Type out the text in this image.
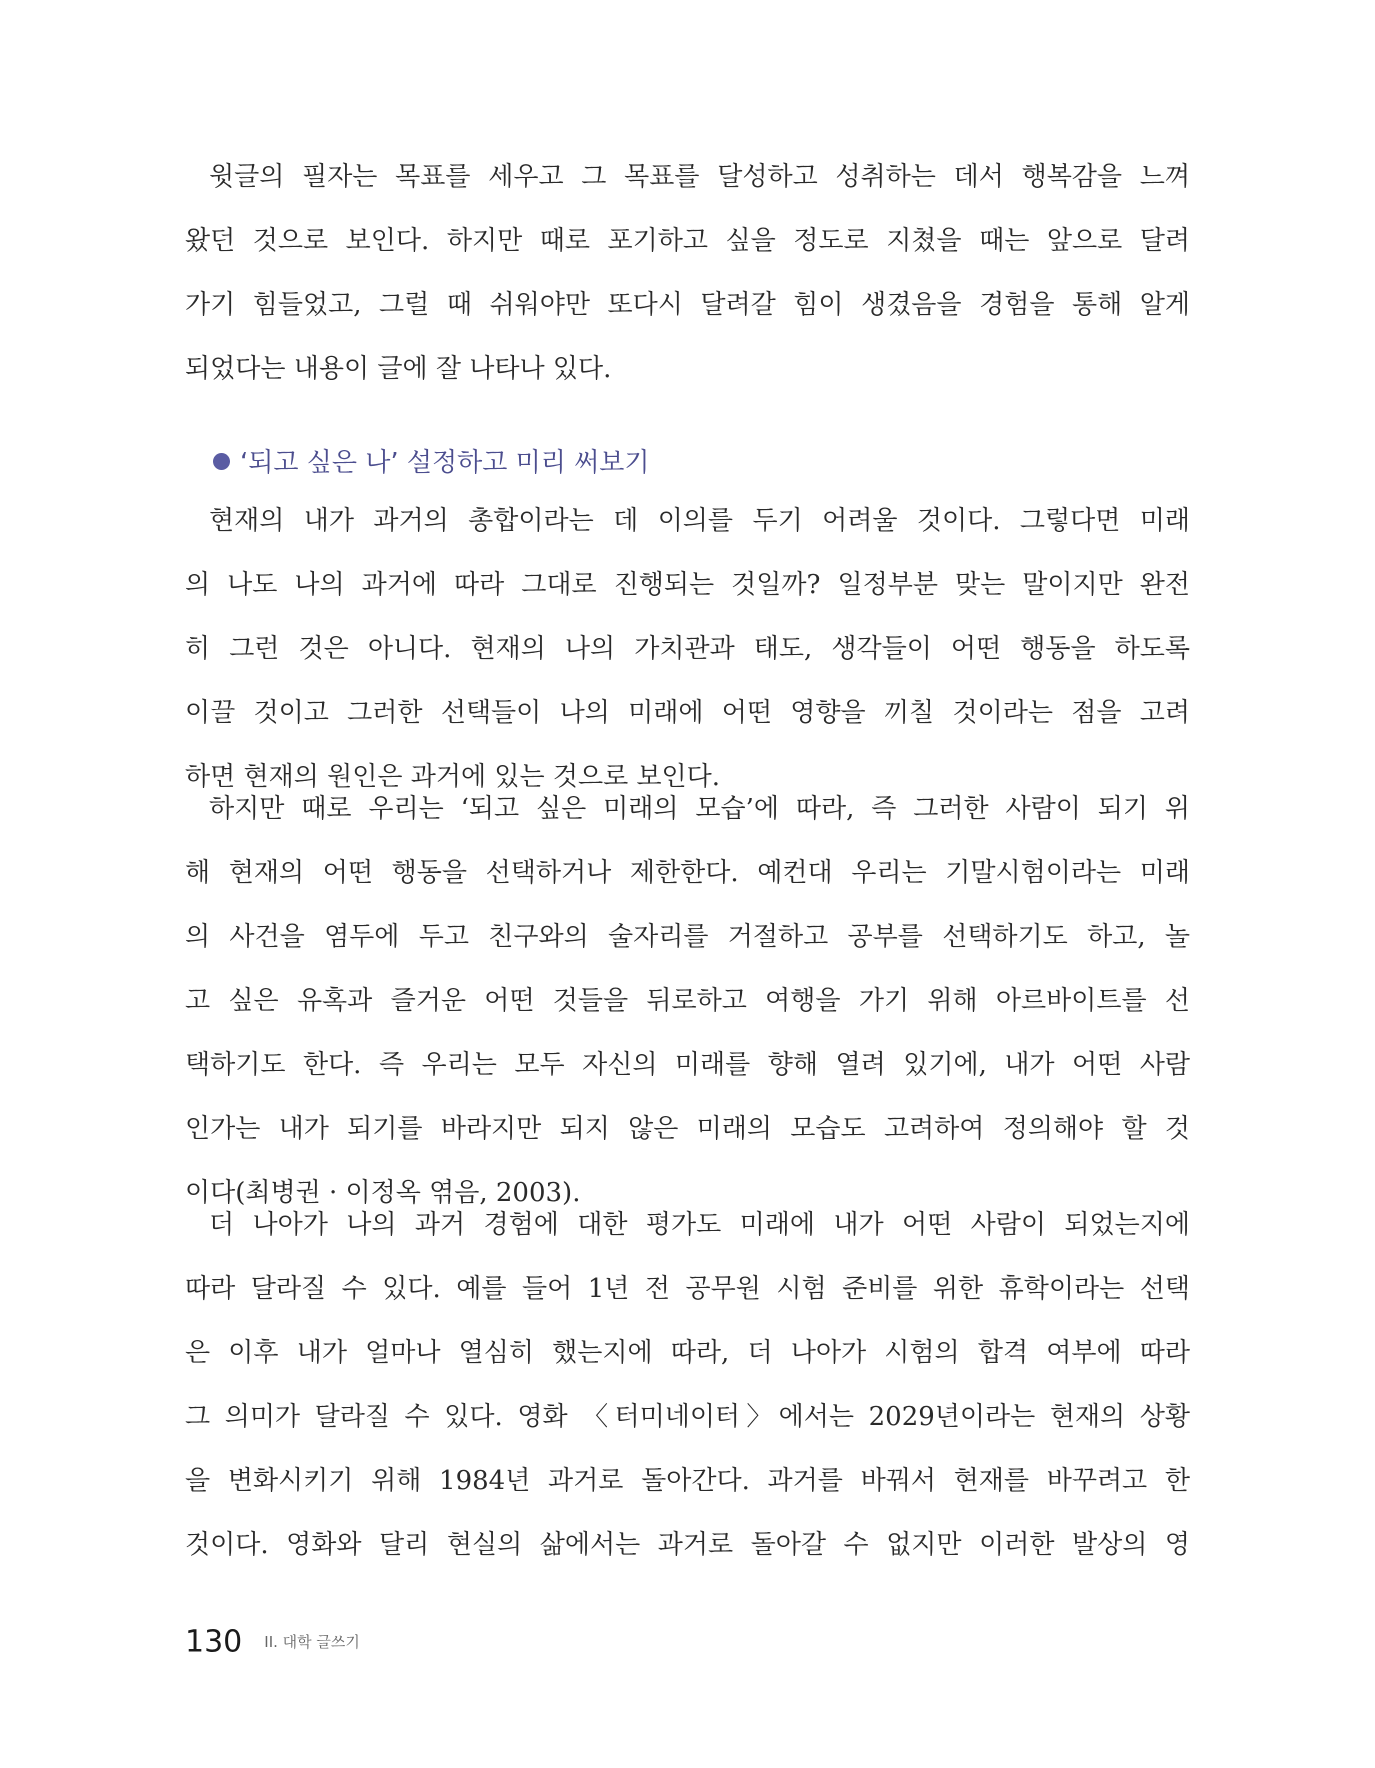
윗글의 필자는 목표를 세우고 그 목표를 달성하고 성취하는 데서 행복감을 느껴
왔던 것으로 보인다. 하지만 때로 포기하고 싶을 정도로 지쳤을 때는 앞으로 달려
가기 힘들었고, 그럴 때 쉬워야만 또다시 달려갈 힘이 생겼음을 경험을 통해 알게
되었다는 내용이 글에 잘 나타나 있다.
‘되고 싶은 나’ 설정하고 미리 써보기
현재의 내가 과거의 총합이라는 데 이의를 두기 어려울 것이다. 그렇다면 미래
의 나도 나의 과거에 따라 그대로 진행되는 것일까? 일정부분 맞는 말이지만 완전
히 그런 것은 아니다. 현재의 나의 가치관과 태도, 생각들이 어떤 행동을 하도록
이끌 것이고 그러한 선택들이 나의 미래에 어떤 영향을 끼칠 것이라는 점을 고려
하면 현재의 원인은 과거에 있는 것으로 보인다.
하지만 때로 우리는 ‘되고 싶은 미래의 모습’에 따라, 즉 그러한 사람이 되기 위
해 현재의 어떤 행동을 선택하거나 제한한다. 예컨대 우리는 기말시험이라는 미래
의 사건을 염두에 두고 친구와의 술자리를 거절하고 공부를 선택하기도 하고, 놀
고 싶은 유혹과 즐거운 어떤 것들을 뒤로하고 여행을 가기 위해 아르바이트를 선
택하기도 한다. 즉 우리는 모두 자신의 미래를 향해 열려 있기에, 내가 어떤 사람
인가는 내가 되기를 바라지만 되지 않은 미래의 모습도 고려하여 정의해야 할 것
이다(최병권 · 이정옥 엮음, 2003).
더 나아가 나의 과거 경험에 대한 평가도 미래에 내가 어떤 사람이 되었는지에
따라 달라질 수 있다. 예를 들어 1년 전 공무원 시험 준비를 위한 휴학이라는 선택
은 이후 내가 얼마나 열심히 했는지에 따라, 더 나아가 시험의 합격 여부에 따라
그 의미가 달라질 수 있다. 영화 〈터미네이터〉에서는 2029년이라는 현재의 상황
을 변화시키기 위해 1984년 과거로 돌아간다. 과거를 바꿔서 현재를 바꾸려고 한
것이다. 영화와 달리 현실의 삶에서는 과거로 돌아갈 수 없지만 이러한 발상의 영
130 II. 대학 글쓰기
